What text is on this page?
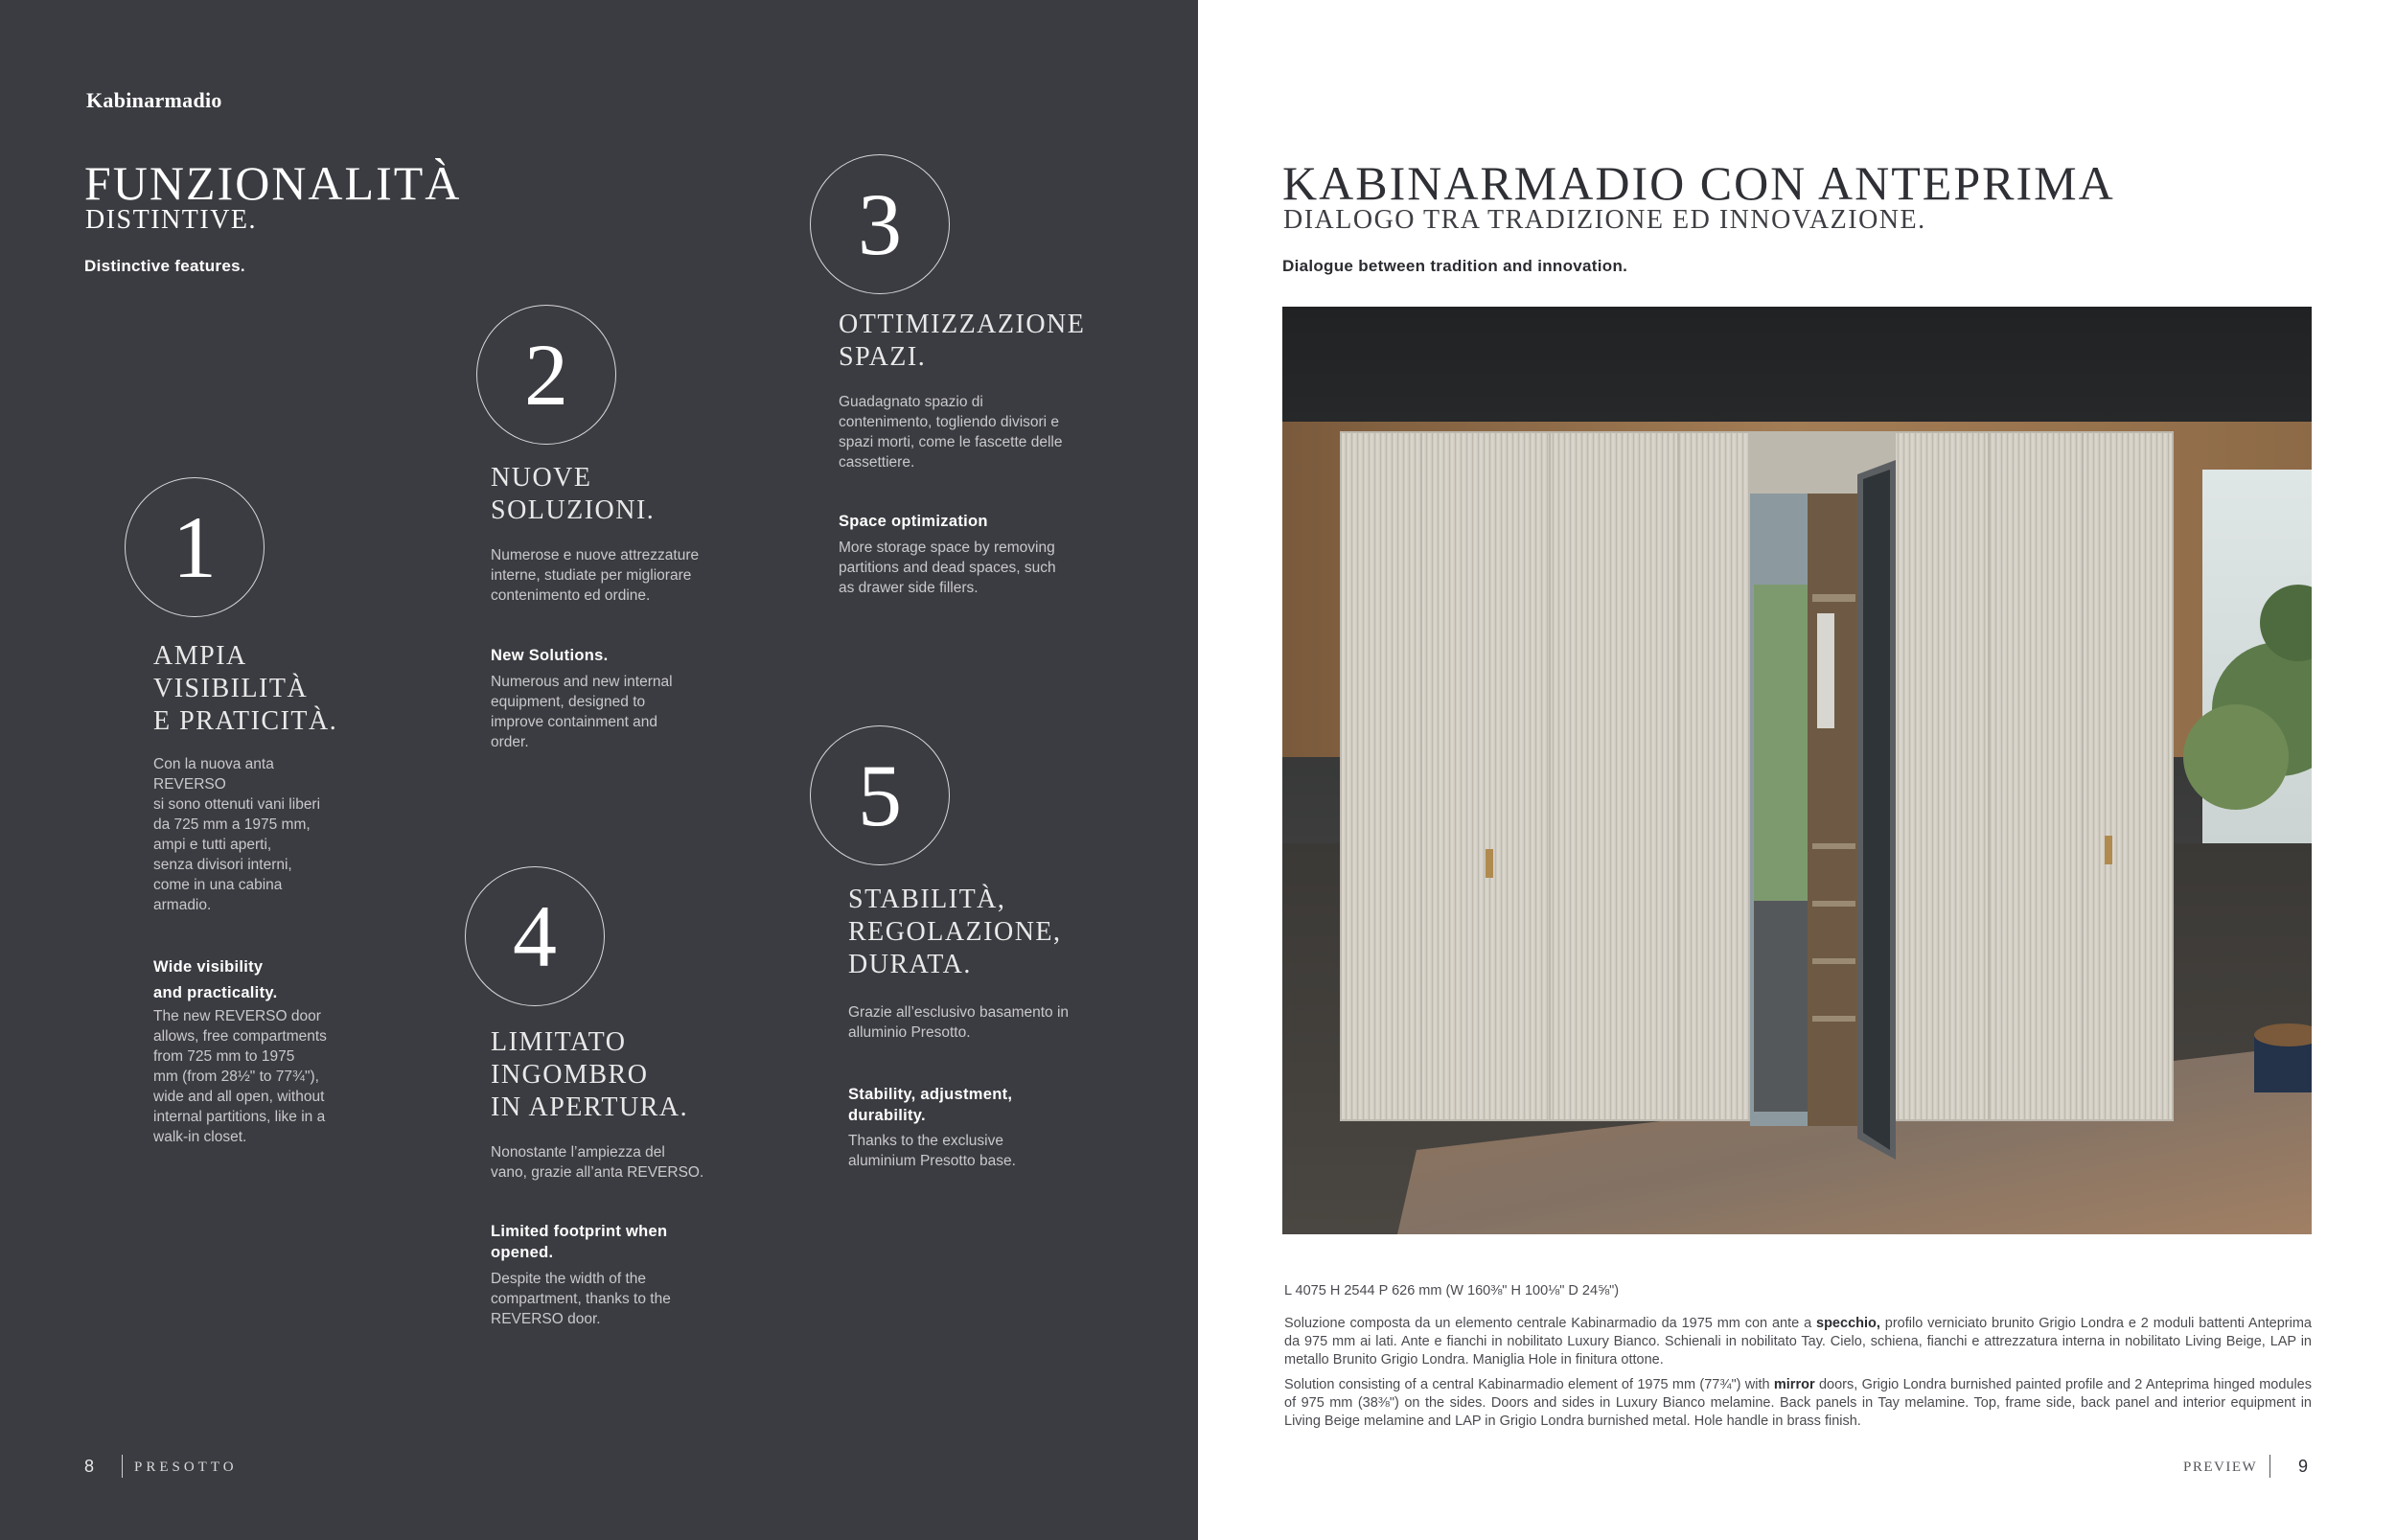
Kabinarmadio
FUNZIONALITÀ
DISTINTIVE.
Distinctive features.
1
AMPIA
VISIBILITÀ
E PRATICITÀ.
Con la nuova anta
REVERSO
si sono ottenuti vani liberi
da 725 mm a 1975 mm,
ampi e tutti aperti,
senza divisori interni,
come in una cabina
armadio.
Wide visibility
and practicality.
The new REVERSO door
allows, free compartments
from 725 mm to 1975
mm (from 28½" to 77¾"),
wide and all open, without
internal partitions, like in a
walk-in closet.
2
NUOVE
SOLUZIONI.
Numerose e nuove attrezzature
interne, studiate per migliorare
contenimento ed ordine.
New Solutions.
Numerous and new internal
equipment, designed to
improve containment and
order.
3
OTTIMIZZAZIONE
SPAZI.
Guadagnato spazio di
contenimento, togliendo divisori e
spazi morti, come le fascette delle
cassettiere.
Space optimization
More storage space by removing
partitions and dead spaces, such
as drawer side fillers.
4
LIMITATO
INGOMBRO
IN APERTURA.
Nonostante l’ampiezza del
vano, grazie all’anta REVERSO.
Limited footprint when
opened.
Despite the width of the
compartment, thanks to the
REVERSO door.
5
STABILITÀ,
REGOLAZIONE,
DURATA.
Grazie all’esclusivo basamento in
alluminio Presotto.
Stability, adjustment,
durability.
Thanks to the exclusive
aluminium Presotto base.
8	PRESOTTO
KABINARMADIO CON ANTEPRIMA
DIALOGO TRA TRADIZIONE ED INNOVAZIONE.
Dialogue between tradition and innovation.
L 4075 H 2544 P 626 mm (W 160⅜" H 100⅛" D 24⅝")
Soluzione composta da un elemento centrale Kabinarmadio da 1975 mm con ante a specchio, profilo verniciato brunito Grigio Londra e 2 moduli battenti Anteprima da 975 mm ai lati. Ante e fianchi in nobilitato Luxury Bianco. Schienali in nobilitato Tay. Cielo, schiena, fianchi e attrezzatura interna in nobilitato Living Beige, LAP in metallo Brunito Grigio Londra. Maniglia Hole in finitura ottone.
Solution consisting of a central Kabinarmadio element of 1975 mm (77¾") with mirror doors, Grigio Londra burnished painted profile and 2 Anteprima hinged modules of 975 mm (38⅜") on the sides. Doors and sides in Luxury Bianco melamine. Back panels in Tay melamine. Top, frame side, back panel and interior equipment in Living Beige melamine and LAP in Grigio Londra burnished metal. Hole handle in brass finish.
PREVIEW 9
